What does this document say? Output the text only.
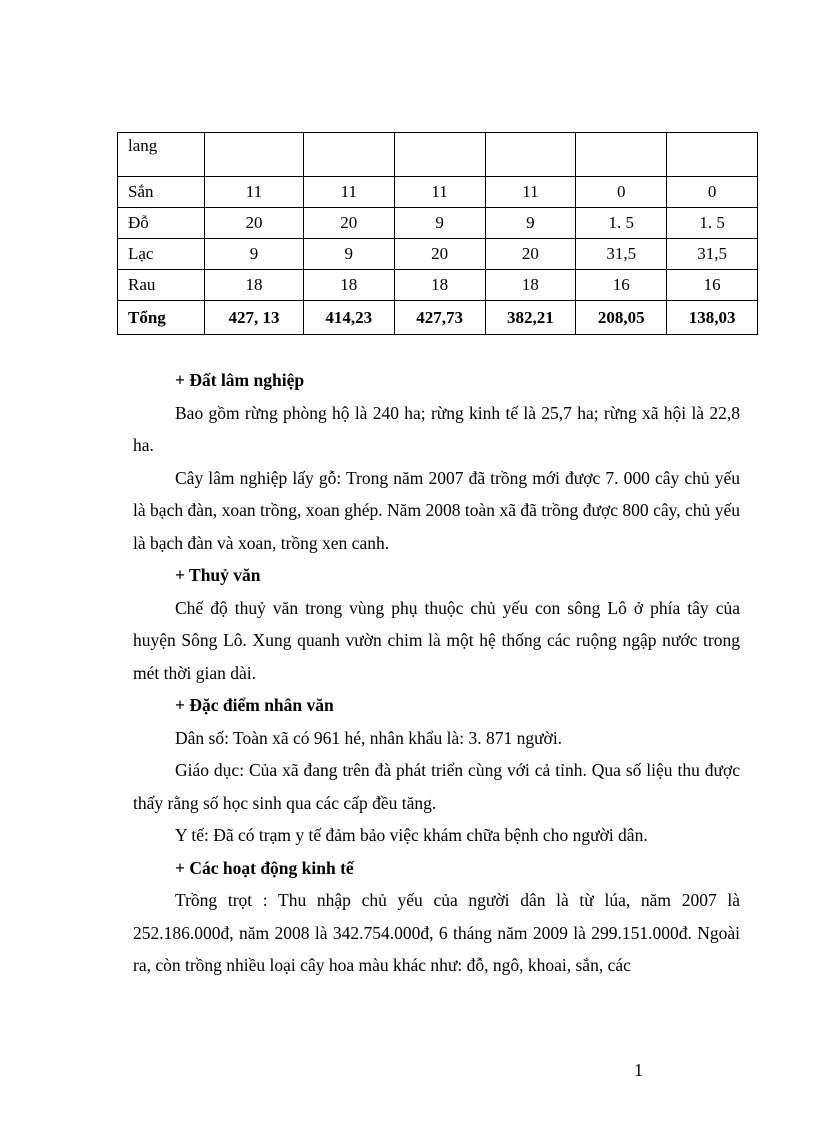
lang						
Sắn	11	11	11	11	0	0
Đỗ	20	20	9	9	1. 5	1. 5
Lạc	9	9	20	20	31,5	31,5
Rau	18	18	18	18	16	16
Tổng	427, 13	414,23	427,73	382,21	208,05	138,03
+ Đất lâm nghiệp

Bao gồm rừng phòng hộ là 240 ha; rừng kinh tế là 25,7 ha; rừng xã hội là 22,8 ha.

Cây lâm nghiệp lấy gỗ: Trong năm 2007 đã trồng mới được 7. 000 cây chủ yếu là bạch đàn, xoan trồng, xoan ghép. Năm 2008 toàn xã đã trồng được 800 cây, chủ yếu là bạch đàn và xoan, trồng xen canh.

+ Thuỷ văn

Chế độ thuỷ văn trong vùng phụ thuộc chủ yếu con sông Lô ở phía tây của huyện Sông Lô. Xung quanh vườn chim là một hệ thống các ruộng ngập nước trong mét thời gian dài.

+ Đặc điểm nhân văn

Dân số: Toàn xã có 961 hé, nhân khẩu là: 3. 871 người.

Giáo dục: Của xã đang trên đà phát triển cùng với cả tỉnh. Qua số liệu thu được thấy rằng số học sinh qua các cấp đều tăng.

Y tế: Đã có trạm y tế đảm bảo việc khám chữa bệnh cho người dân.

+ Các hoạt động kinh tế

Trồng trọt : Thu nhập chủ yếu của người dân là từ lúa, năm 2007 là 252.186.000đ, năm 2008 là 342.754.000đ, 6 tháng năm 2009 là 299.151.000đ. Ngoài ra, còn trồng nhiều loại cây hoa màu khác như: đỗ, ngô, khoai, sắn, các

1
